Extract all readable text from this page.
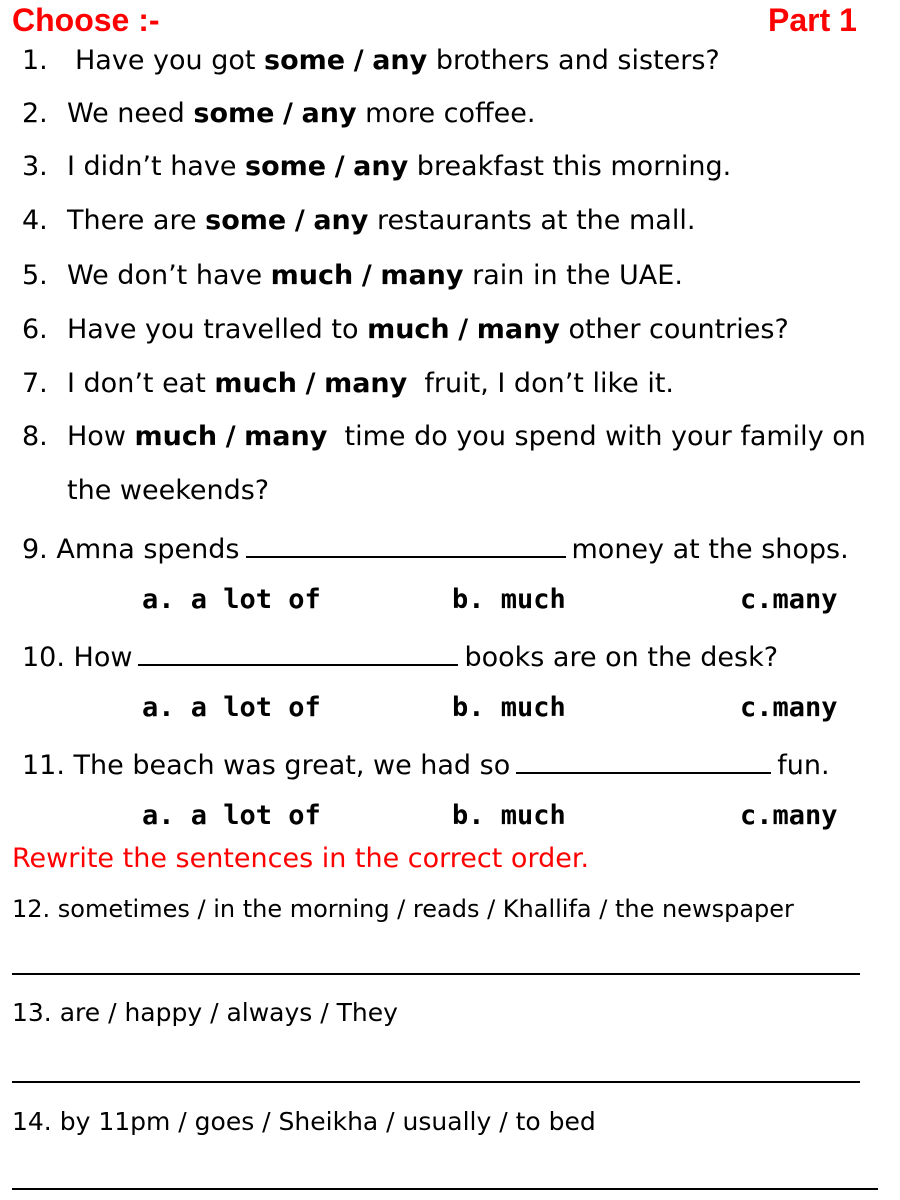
Choose :-	Part 1
1. Have you got some / any brothers and sisters?
2. We need some / any more coffee.
3. I didn’t have some / any breakfast this morning.
4. There are some / any restaurants at the mall.
5. We don’t have much / many rain in the UAE.
6. Have you travelled to much / many other countries?
7. I don’t eat much / many  fruit, I don’t like it.
8. How much / many  time do you spend with your family on
the weekends?
9. Amna spends	money at the shops.
a. a lot of	b. much	c.many
10. How	books are on the desk?
a. a lot of	b. much	c.many
11. The beach was great, we had so	fun.
a. a lot of	b. much	c.many
Rewrite the sentences in the correct order.
12. sometimes / in the morning / reads / Khallifa / the newspaper
13. are / happy / always / They
14. by 11pm / goes / Sheikha / usually / to bed
